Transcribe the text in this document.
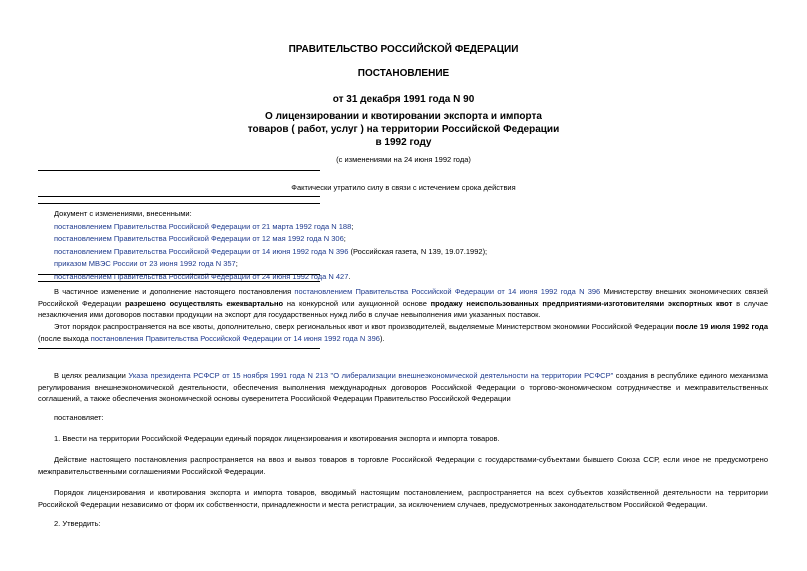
ПРАВИТЕЛЬСТВО РОССИЙСКОЙ ФЕДЕРАЦИИ
ПОСТАНОВЛЕНИЕ
от 31 декабря 1991 года N 90
О лицензировании и квотировании экспорта и импорта
товаров ( работ, услуг ) на территории Российской Федерации
в 1992 году
(с изменениями на 24 июня 1992 года)
Фактически утратило силу в связи с истечением срока действия
Документ с изменениями, внесенными:
постановлением Правительства Российской Федерации от 21 марта 1992 года N 188;
постановлением Правительства Российской Федерации от 12 мая 1992 года N 306;
постановлением Правительства Российской Федерации от 14 июня 1992 года N 396 (Российская газета, N 139, 19.07.1992);
приказом МВЭС России от 23 июня 1992 года N 357;
постановлением Правительства Российской Федерации от 24 июня 1992 года N 427.
В частичное изменение и дополнение настоящего постановления постановлением Правительства Российской Федерации от 14 июня 1992 года N 396 Министерству внешних экономических связей Российской Федерации разрешено осуществлять ежеквартально на конкурсной или аукционной основе продажу неиспользованных предприятиями-изготовителями экспортных квот в случае незаключения ими договоров поставки продукции на экспорт для государственных нужд либо в случае невыполнения ими указанных поставок.
Этот порядок распространяется на все квоты, дополнительно, сверх региональных квот и квот производителей, выделяемые Министерством экономики Российской Федерации после 19 июля 1992 года (после выхода постановления Правительства Российской Федерации от 14 июня 1992 года N 396).
В целях реализации Указа президента РСФСР от 15 ноября 1991 года N 213 "О либерализации внешнеэкономической деятельности на территории РСФСР" создания в республике единого механизма регулирования внешнеэкономической деятельности, обеспечения выполнения международных договоров Российской Федерации о торгово-экономическом сотрудничестве и межправительственных соглашений, а также обеспечения экономической основы суверенитета Российской Федерации Правительство Российской Федерации
постановляет:
1. Ввести на территории Российской Федерации единый порядок лицензирования и квотирования экспорта и импорта товаров.
Действие настоящего постановления распространяется на ввоз и вывоз товаров в торговле Российской Федерации с государствами-субъектами бывшего Союза ССР, если иное не предусмотрено межправительственными соглашениями Российской Федерации.
Порядок лицензирования и квотирования экспорта и импорта товаров, вводимый настоящим постановлением, распространяется на всех субъектов хозяйственной деятельности на территории Российской Федерации независимо от форм их собственности, принадлежности и места регистрации, за исключением случаев, предусмотренных законодательством Российской Федерации.
2. Утвердить:
